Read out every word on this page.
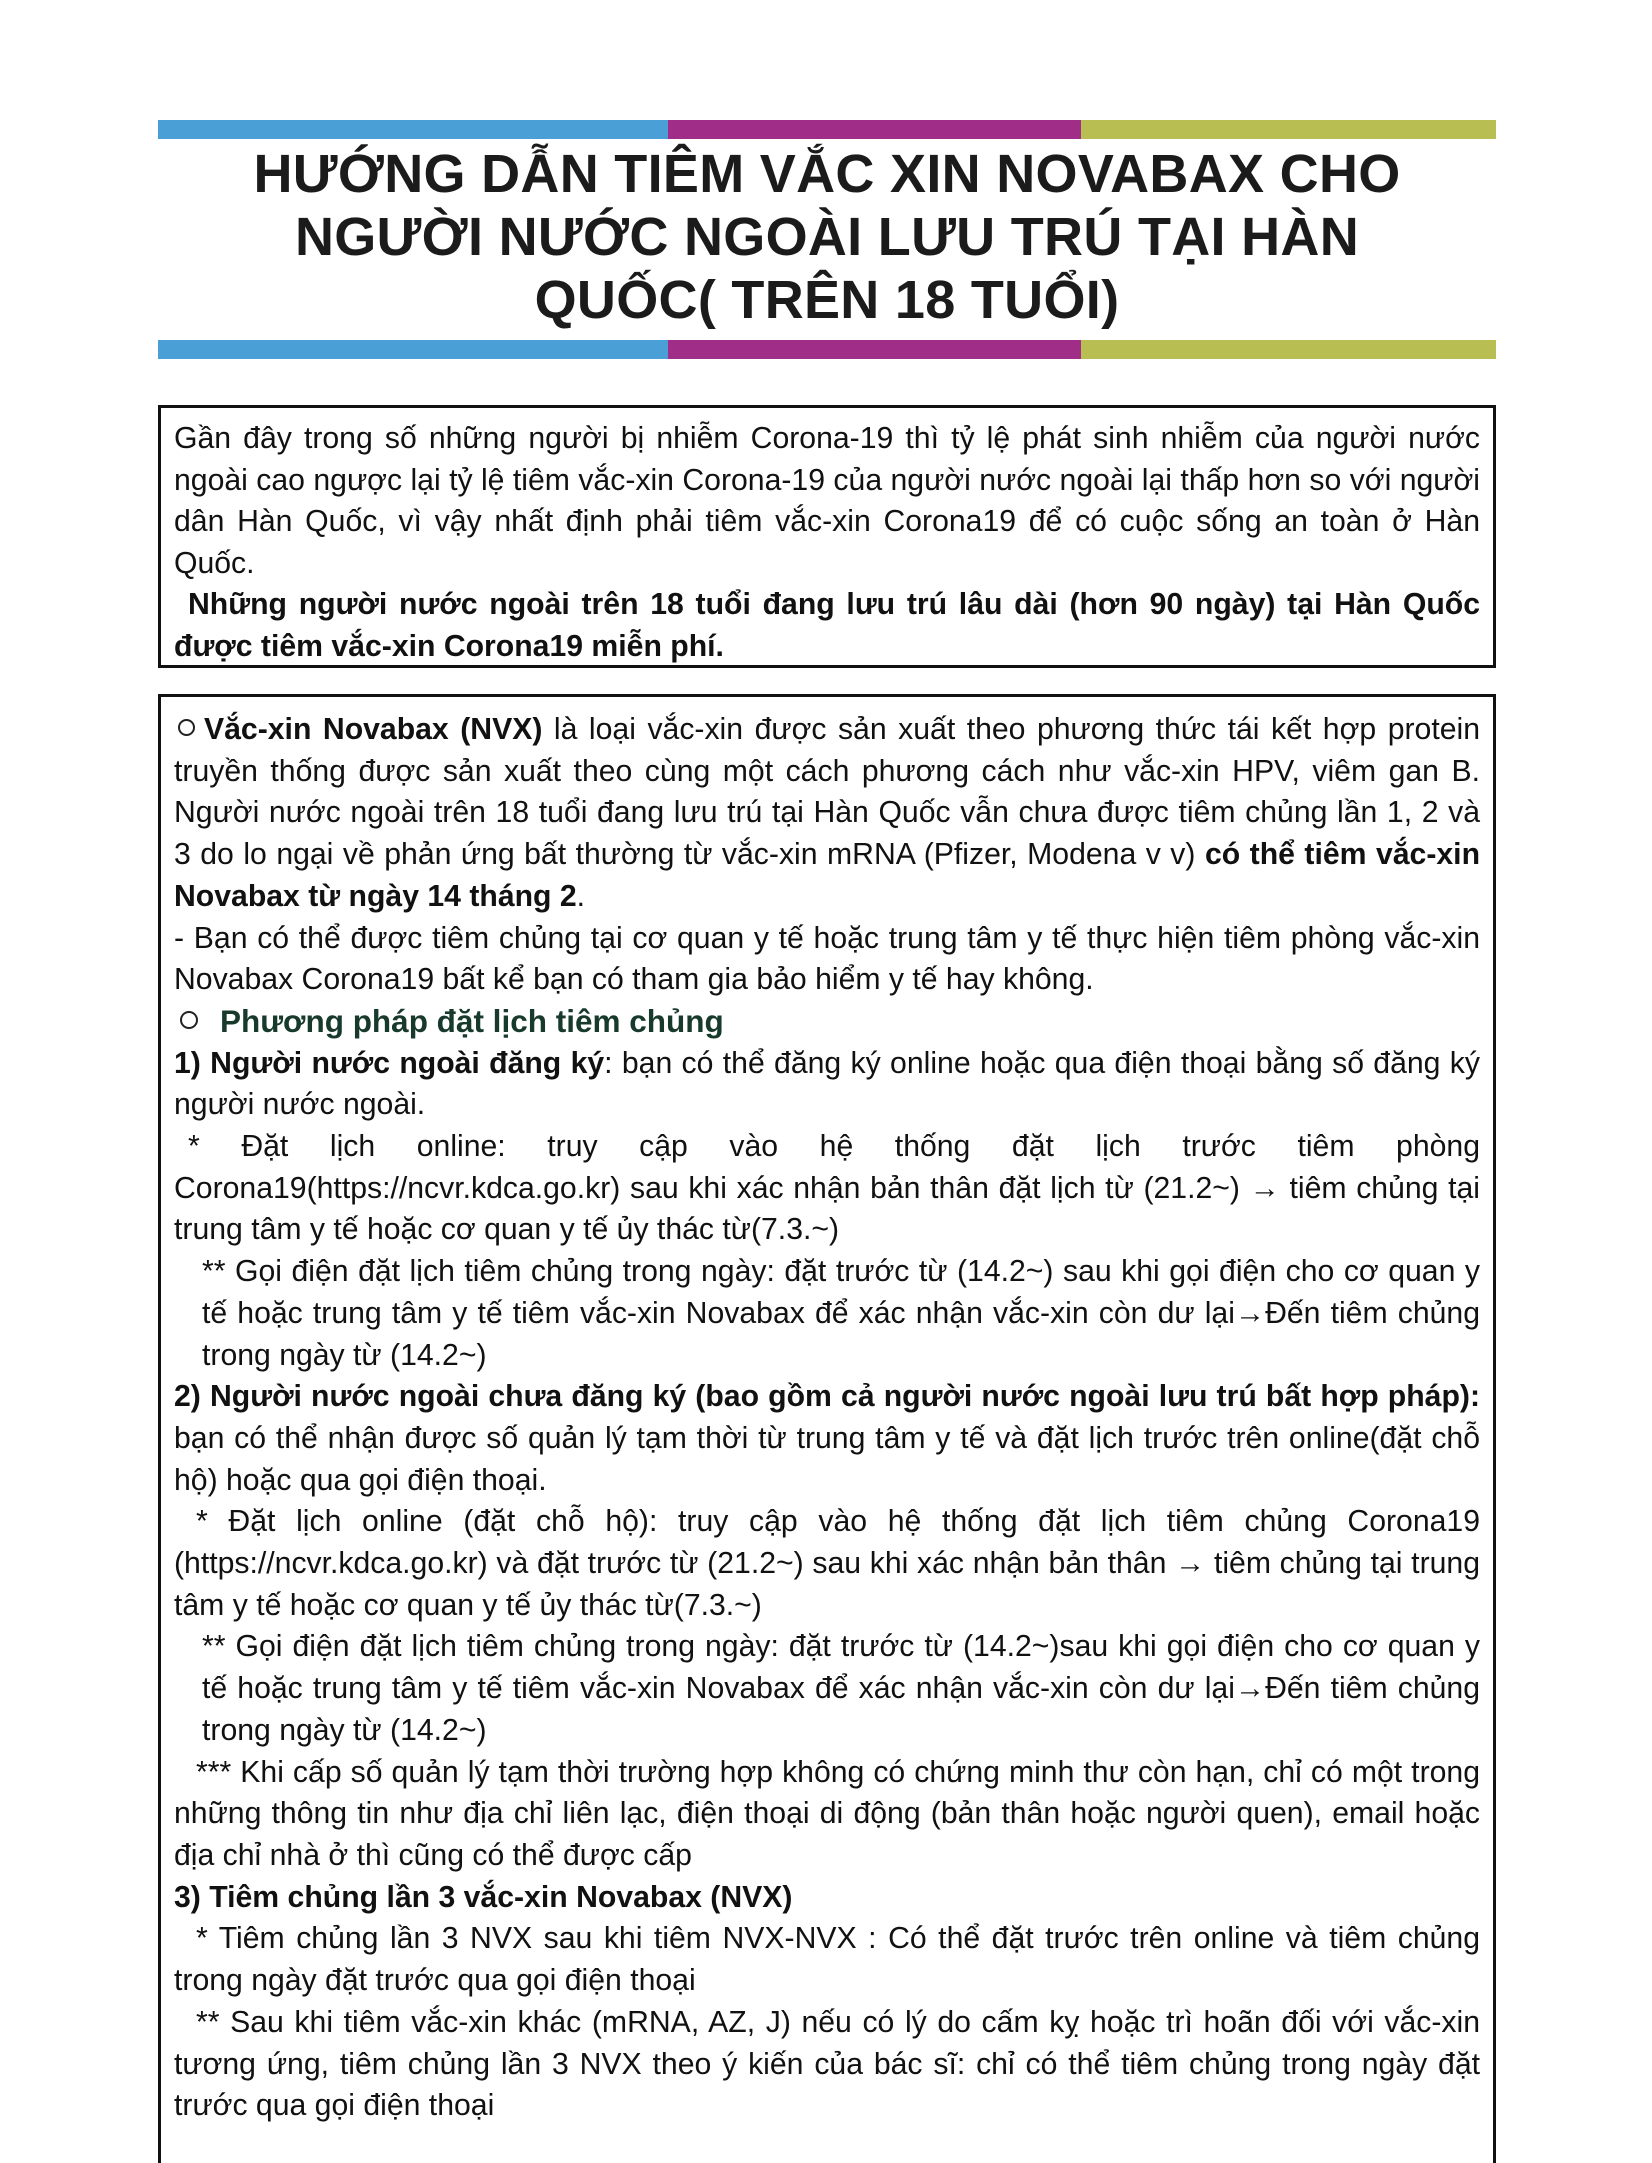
HƯỚNG DẪN TIÊM VẮC XIN NOVABAX CHO
NGƯỜI NƯỚC NGOÀI LƯU TRÚ TẠI HÀN
QUỐC( TRÊN 18 TUỔI)

Gần đây trong số những người bị nhiễm Corona-19 thì tỷ lệ phát sinh nhiễm của người nước ngoài cao ngược lại tỷ lệ tiêm vắc-xin Corona-19 của người nước ngoài lại thấp hơn so với người dân Hàn Quốc, vì vậy nhất định phải tiêm vắc-xin Corona19 để có cuộc sống an toàn ở Hàn Quốc.

Những người nước ngoài trên 18 tuổi đang lưu trú lâu dài (hơn 90 ngày) tại Hàn Quốc được tiêm vắc-xin Corona19 miễn phí.

Vắc-xin Novabax (NVX) là loại vắc-xin được sản xuất theo phương thức tái kết hợp protein truyền thống được sản xuất theo cùng một cách phương cách như vắc-xin HPV, viêm gan B. Người nước ngoài trên 18 tuổi đang lưu trú tại Hàn Quốc vẫn chưa được tiêm chủng lần 1, 2 và 3 do lo ngại về phản ứng bất thường từ vắc-xin mRNA (Pfizer, Modena v v) có thể tiêm vắc-xin Novabax từ ngày 14 tháng 2.

- Bạn có thể được tiêm chủng tại cơ quan y tế hoặc trung tâm y tế thực hiện tiêm phòng vắc-xin Novabax Corona19 bất kể bạn có tham gia bảo hiểm y tế hay không.

Phương pháp đặt lịch tiêm chủng

1) Người nước ngoài đăng ký: bạn có thể đăng ký online hoặc qua điện thoại bằng số đăng ký người nước ngoài.

* Đặt lịch online: truy cập vào hệ thống đặt lịch trước tiêm phòng Corona19(https://ncvr.kdca.go.kr) sau khi xác nhận bản thân đặt lịch từ (21.2~) → tiêm chủng tại trung tâm y tế hoặc cơ quan y tế ủy thác từ(7.3.~)

** Gọi điện đặt lịch tiêm chủng trong ngày: đặt trước từ (14.2~) sau khi gọi điện cho cơ quan y tế hoặc trung tâm y tế tiêm vắc-xin Novabax để xác nhận vắc-xin còn dư lại→Đến tiêm chủng trong ngày từ (14.2~)

2) Người nước ngoài chưa đăng ký (bao gồm cả người nước ngoài lưu trú bất hợp pháp): bạn có thể nhận được số quản lý tạm thời từ trung tâm y tế và đặt lịch trước trên online(đặt chỗ hộ) hoặc qua gọi điện thoại.

* Đặt lịch online (đặt chỗ hộ): truy cập vào hệ thống đặt lịch tiêm chủng Corona19 (https://ncvr.kdca.go.kr) và đặt trước từ (21.2~) sau khi xác nhận bản thân → tiêm chủng tại trung tâm y tế hoặc cơ quan y tế ủy thác từ(7.3.~)

** Gọi điện đặt lịch tiêm chủng trong ngày: đặt trước từ (14.2~)sau khi gọi điện cho cơ quan y tế hoặc trung tâm y tế tiêm vắc-xin Novabax để xác nhận vắc-xin còn dư lại→Đến tiêm chủng trong ngày từ (14.2~)

*** Khi cấp số quản lý tạm thời trường hợp không có chứng minh thư còn hạn, chỉ có một trong những thông tin như địa chỉ liên lạc, điện thoại di động (bản thân hoặc người quen), email hoặc địa chỉ nhà ở thì cũng có thể được cấp

3) Tiêm chủng lần 3 vắc-xin Novabax (NVX)

* Tiêm chủng lần 3 NVX sau khi tiêm NVX-NVX : Có thể đặt trước trên online và tiêm chủng trong ngày đặt trước qua gọi điện thoại

** Sau khi tiêm vắc-xin khác (mRNA, AZ, J) nếu có lý do cấm kỵ hoặc trì hoãn đối với vắc-xin tương ứng, tiêm chủng lần 3 NVX theo ý kiến của bác sĩ: chỉ có thể tiêm chủng trong ngày đặt trước qua gọi điện thoại
